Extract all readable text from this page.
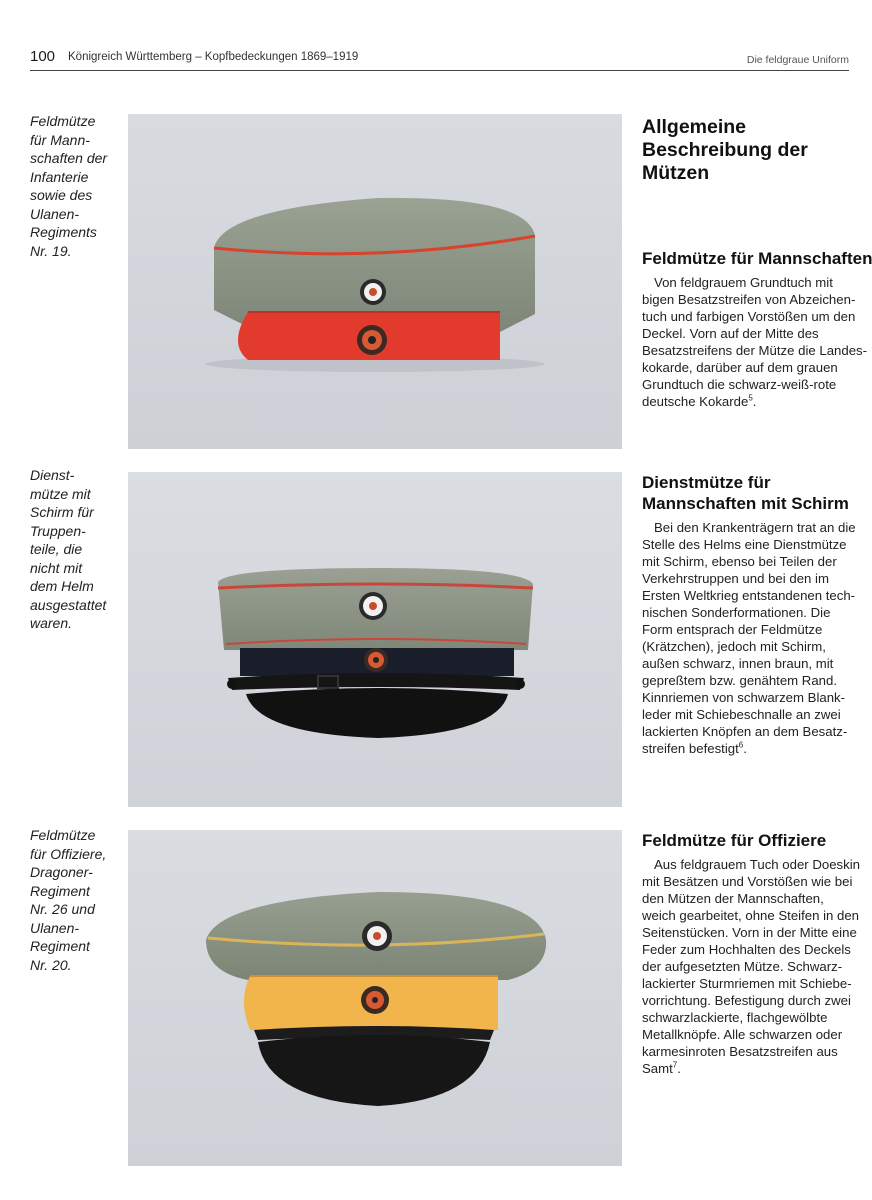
100 Königreich Württemberg – Kopfbedeckungen 1869–1919	Die feldgraue Uniform
Feldmütze
für Mann-
schaften der
Infanterie
sowie des
Ulanen-
Regiments
Nr. 19.
Dienst-
mütze mit
Schirm für
Truppen-
teile, die
nicht mit
dem Helm
ausgestattet
waren.
Feldmütze
für Offiziere,
Dragoner-
Regiment
Nr. 26 und
Ulanen-
Regiment
Nr. 20.
Allgemeine
Beschreibung der
Mützen
Feldmütze für Mannschaften
Von feldgrauem Grundtuch mit
bigen Besatzstreifen von Abzeichen-
tuch und farbigen Vorstößen um den
Deckel. Vorn auf der Mitte des
Besatzstreifens der Mütze die Landes-
kokarde, darüber auf dem grauen
Grundtuch die schwarz-weiß-rote
deutsche Kokarde$^5$.
Dienstmütze für
Mannschaften mit Schirm
Bei den Krankenträgern trat an die
Stelle des Helms eine Dienstmütze
mit Schirm, ebenso bei Teilen der
Verkehrstruppen und bei den im
Ersten Weltkrieg entstandenen tech-
nischen Sonderformationen. Die
Form entsprach der Feldmütze
(Krätzchen), jedoch mit Schirm,
außen schwarz, innen braun, mit
gepreßtem bzw. genähtem Rand.
Kinnriemen von schwarzem Blank-
leder mit Schiebeschnalle an zwei
lackierten Knöpfen an dem Besatz-
streifen befestigt$^6$.
Feldmütze für Offiziere
Aus feldgrauem Tuch oder Doeskin
mit Besätzen und Vorstößen wie bei
den Mützen der Mannschaften,
weich gearbeitet, ohne Steifen in den
Seitenstücken. Vorn in der Mitte eine
Feder zum Hochhalten des Deckels
der aufgesetzten Mütze. Schwarz-
lackierter Sturmriemen mit Schiebe-
vorrichtung. Befestigung durch zwei
schwarzlackierte, flachgewölbte
Metallknöpfe. Alle schwarzen oder
karmesinroten Besatzstreifen aus
Samt$^7$.
